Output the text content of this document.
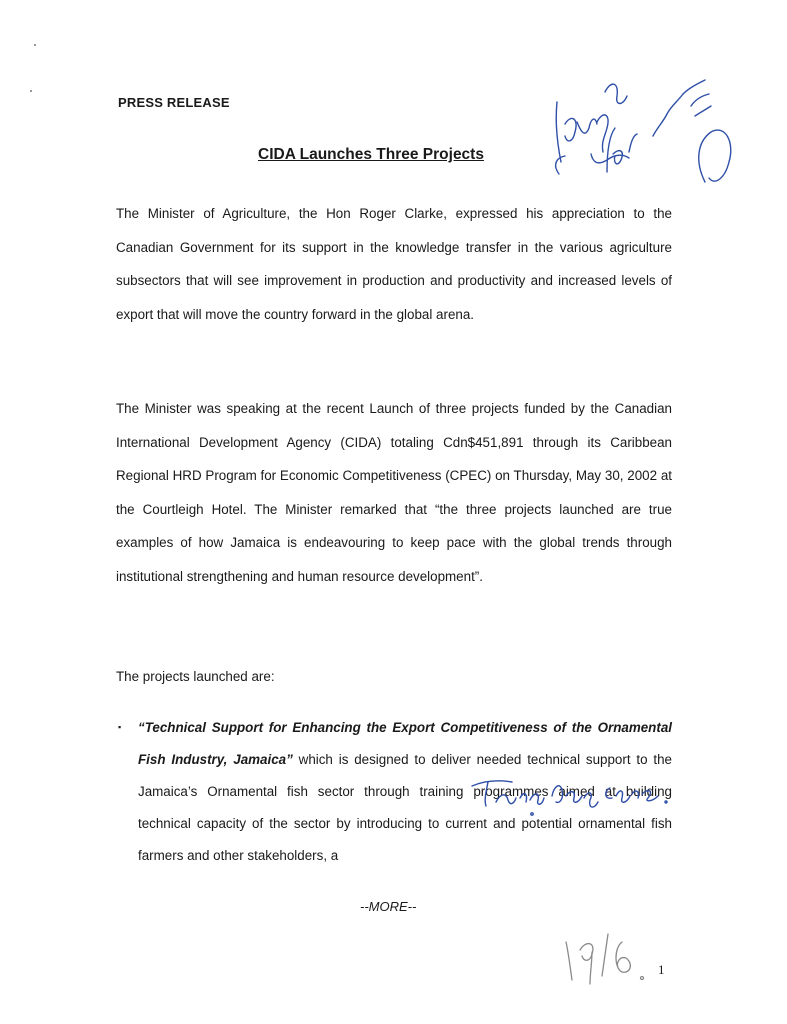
PRESS RELEASE
CIDA Launches Three Projects

The Minister of Agriculture, the Hon Roger Clarke, expressed his appreciation to the Canadian Government for its support in the knowledge transfer in the various agriculture subsectors that will see improvement in production and productivity and increased levels of export that will move the country forward in the global arena.

The Minister was speaking at the recent Launch of three projects funded by the Canadian International Development Agency (CIDA) totaling Cdn$451,891 through its Caribbean Regional HRD Program for Economic Competitiveness (CPEC) on Thursday, May 30, 2002 at the Courtleigh Hotel. The Minister remarked that “the three projects launched are true examples of how Jamaica is endeavouring to keep pace with the global trends through institutional strengthening and human resource development”.

The projects launched are:

▪ “Technical Support for Enhancing the Export Competitiveness of the Ornamental Fish Industry, Jamaica” which is designed to deliver needed technical support to the Jamaica’s Ornamental fish sector through training programmes aimed at building technical capacity of the sector by introducing to current and potential ornamental fish farmers and other stakeholders, a

--MORE--
1
